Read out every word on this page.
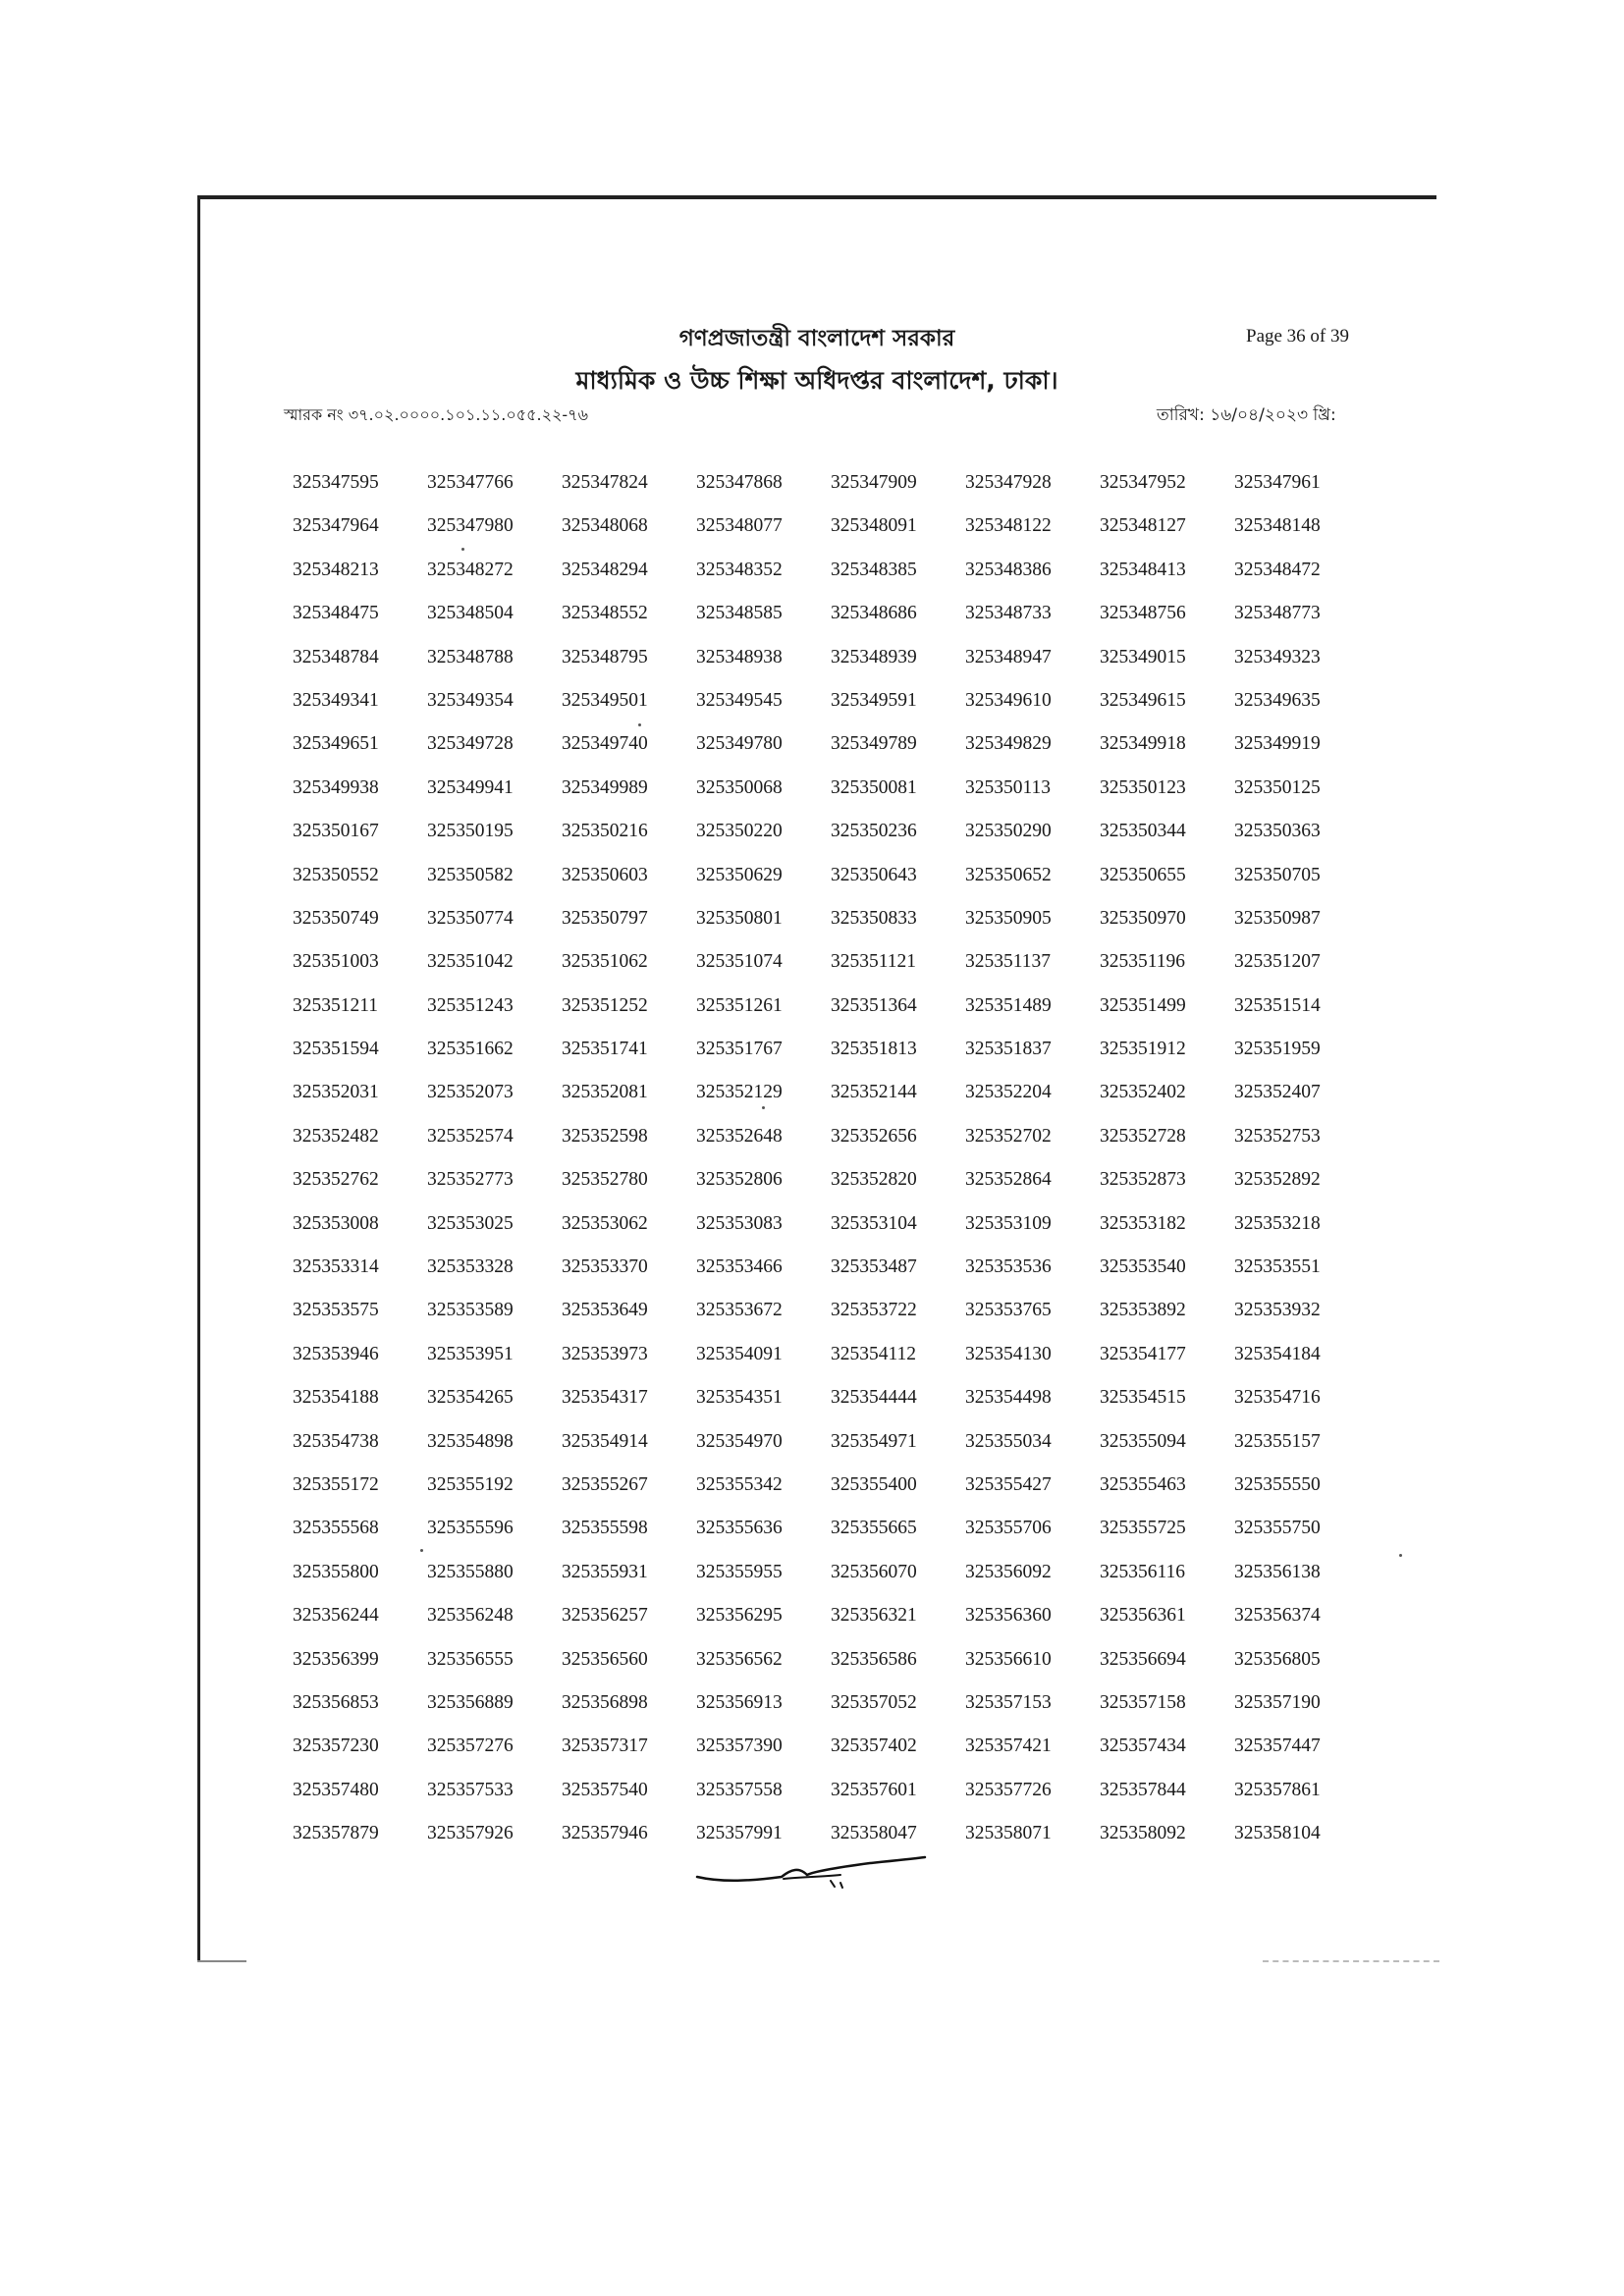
গণপ্রজাতন্ত্রী বাংলাদেশ সরকার
মাধ্যমিক ও উচ্চ শিক্ষা অধিদপ্তর বাংলাদেশ, ঢাকা।
Page 36 of 39
স্মারক নং ৩৭.০২.০০০০.১০১.১১.০৫৫.২২-৭৬	তারিখ: ১৬/০৪/২০২৩ খ্রি:
325347595	325347766	325347824	325347868	325347909	325347928	325347952	325347961
325347964	325347980	325348068	325348077	325348091	325348122	325348127	325348148
325348213	325348272	325348294	325348352	325348385	325348386	325348413	325348472
325348475	325348504	325348552	325348585	325348686	325348733	325348756	325348773
325348784	325348788	325348795	325348938	325348939	325348947	325349015	325349323
325349341	325349354	325349501	325349545	325349591	325349610	325349615	325349635
325349651	325349728	325349740	325349780	325349789	325349829	325349918	325349919
325349938	325349941	325349989	325350068	325350081	325350113	325350123	325350125
325350167	325350195	325350216	325350220	325350236	325350290	325350344	325350363
325350552	325350582	325350603	325350629	325350643	325350652	325350655	325350705
325350749	325350774	325350797	325350801	325350833	325350905	325350970	325350987
325351003	325351042	325351062	325351074	325351121	325351137	325351196	325351207
325351211	325351243	325351252	325351261	325351364	325351489	325351499	325351514
325351594	325351662	325351741	325351767	325351813	325351837	325351912	325351959
325352031	325352073	325352081	325352129	325352144	325352204	325352402	325352407
325352482	325352574	325352598	325352648	325352656	325352702	325352728	325352753
325352762	325352773	325352780	325352806	325352820	325352864	325352873	325352892
325353008	325353025	325353062	325353083	325353104	325353109	325353182	325353218
325353314	325353328	325353370	325353466	325353487	325353536	325353540	325353551
325353575	325353589	325353649	325353672	325353722	325353765	325353892	325353932
325353946	325353951	325353973	325354091	325354112	325354130	325354177	325354184
325354188	325354265	325354317	325354351	325354444	325354498	325354515	325354716
325354738	325354898	325354914	325354970	325354971	325355034	325355094	325355157
325355172	325355192	325355267	325355342	325355400	325355427	325355463	325355550
325355568	325355596	325355598	325355636	325355665	325355706	325355725	325355750
325355800	325355880	325355931	325355955	325356070	325356092	325356116	325356138
325356244	325356248	325356257	325356295	325356321	325356360	325356361	325356374
325356399	325356555	325356560	325356562	325356586	325356610	325356694	325356805
325356853	325356889	325356898	325356913	325357052	325357153	325357158	325357190
325357230	325357276	325357317	325357390	325357402	325357421	325357434	325357447
325357480	325357533	325357540	325357558	325357601	325357726	325357844	325357861
325357879	325357926	325357946	325357991	325358047	325358071	325358092	325358104
